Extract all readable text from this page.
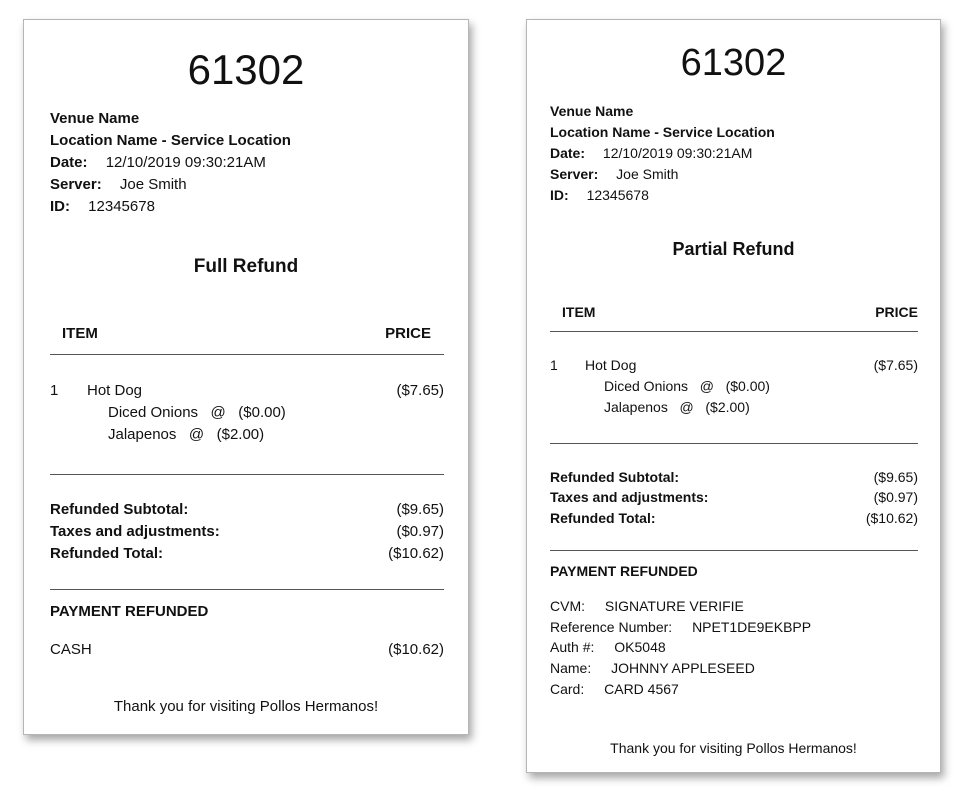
61302
Venue Name
Location Name - Service Location
Date: 12/10/2019 09:30:21AM
Server: Joe Smith
ID: 12345678
Full Refund
ITEM	PRICE
1 Hot Dog	($7.65)
Diced Onions   @   ($0.00)
Jalapenos   @   ($2.00)
Refunded Subtotal:	($9.65)
Taxes and adjustments:	($0.97)
Refunded Total:	($10.62)
PAYMENT REFUNDED
CASH	($10.62)
Thank you for visiting Pollos Hermanos!
61302
Venue Name
Location Name - Service Location
Date: 12/10/2019 09:30:21AM
Server: Joe Smith
ID: 12345678
Partial Refund
ITEM	PRICE
1 Hot Dog	($7.65)
Diced Onions   @   ($0.00)
Jalapenos   @   ($2.00)
Refunded Subtotal:	($9.65)
Taxes and adjustments:	($0.97)
Refunded Total:	($10.62)
PAYMENT REFUNDED
CVM: SIGNATURE VERIFIE
Reference Number: NPET1DE9EKBPP
Auth #: OK5048
Name: JOHNNY APPLESEED
Card: CARD 4567
Thank you for visiting Pollos Hermanos!
